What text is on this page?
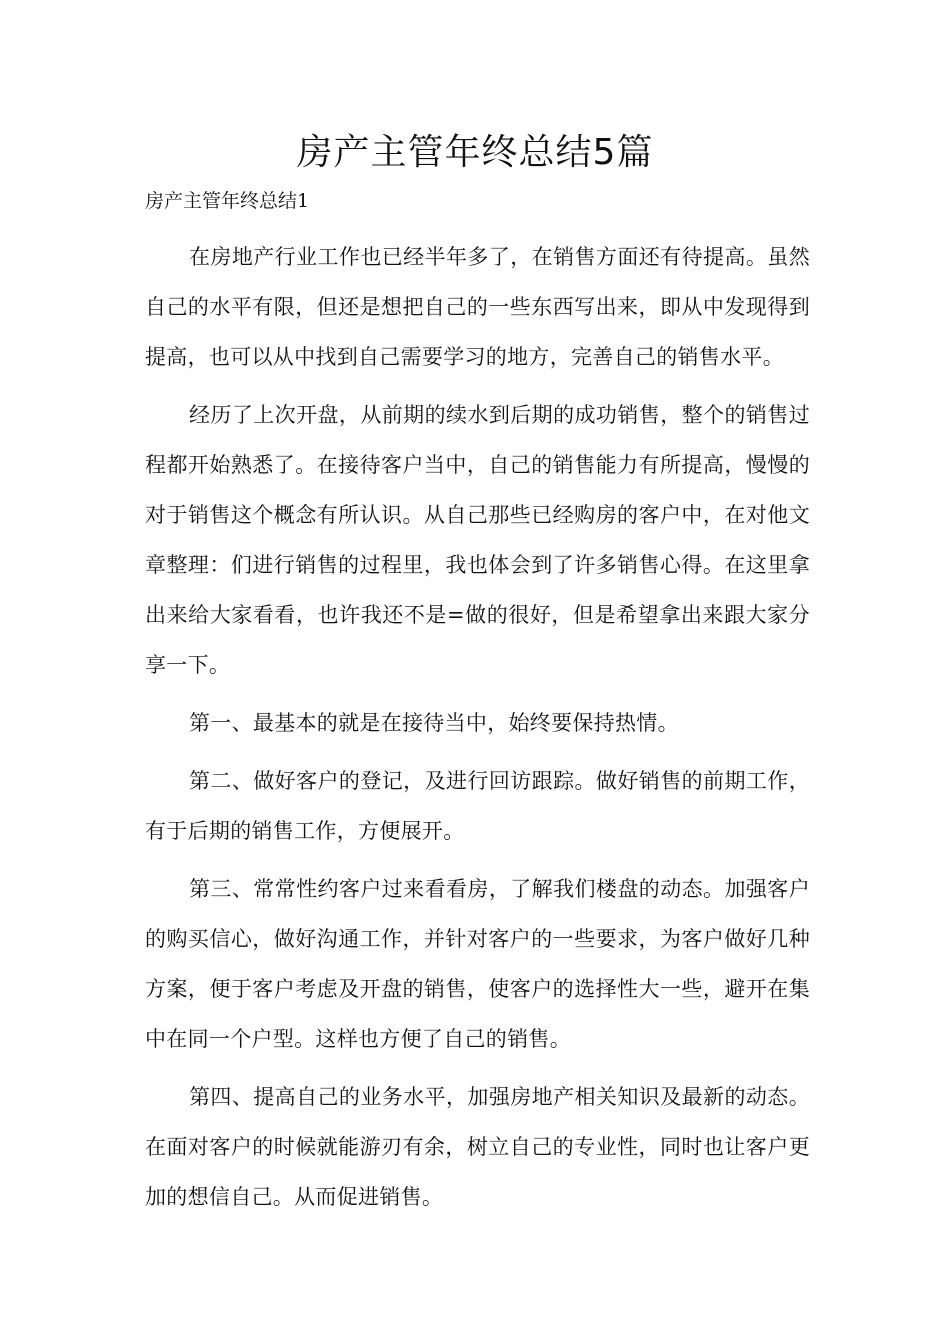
房产主管年终总结5篇

房产主管年终总结1

在房地产行业工作也已经半年多了，在销售方面还有待提高。虽然自己的水平有限，但还是想把自己的一些东西写出来，即从中发现得到提高，也可以从中找到自己需要学习的地方，完善自己的销售水平。

经历了上次开盘，从前期的续水到后期的成功销售，整个的销售过程都开始熟悉了。在接待客户当中，自己的销售能力有所提高，慢慢的对于销售这个概念有所认识。从自己那些已经购房的客户中，在对他文章整理：们进行销售的过程里，我也体会到了许多销售心得。在这里拿出来给大家看看，也许我还不是=做的很好，但是希望拿出来跟大家分享一下。

第一、最基本的就是在接待当中，始终要保持热情。

第二、做好客户的登记，及进行回访跟踪。做好销售的前期工作，有于后期的销售工作，方便展开。

第三、常常性约客户过来看看房，了解我们楼盘的动态。加强客户的购买信心，做好沟通工作，并针对客户的一些要求，为客户做好几种方案，便于客户考虑及开盘的销售，使客户的选择性大一些，避开在集中在同一个户型。这样也方便了自己的销售。

第四、提高自己的业务水平，加强房地产相关知识及最新的动态。在面对客户的时候就能游刃有余，树立自己的专业性，同时也让客户更加的想信自己。从而促进销售。
